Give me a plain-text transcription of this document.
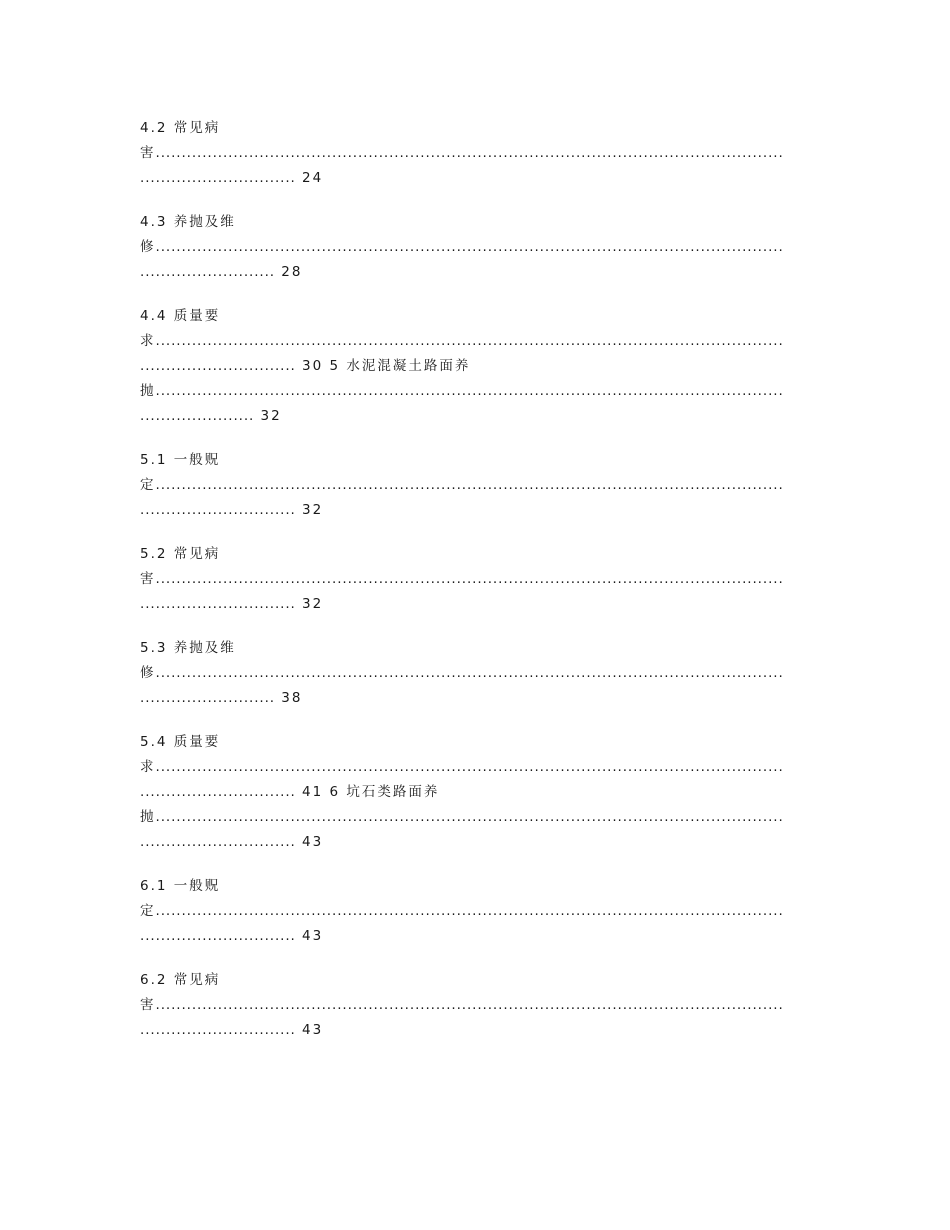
4.2 常见病
害.........................................................................................................................
.............................. 24
4.3 养抛及维
修.........................................................................................................................
.......................... 28
4.4 质量要
求.........................................................................................................................
.............................. 30 5 水泥混凝土路面养
抛.........................................................................................................................
...................... 32
5.1 一般贶
定.........................................................................................................................
.............................. 32
5.2 常见病
害.........................................................................................................................
.............................. 32
5.3 养抛及维
修.........................................................................................................................
.......................... 38
5.4 质量要
求.........................................................................................................................
.............................. 41 6 坑石类路面养
抛.........................................................................................................................
.............................. 43
6.1 一般贶
定.........................................................................................................................
.............................. 43
6.2 常见病
害.........................................................................................................................
.............................. 43
